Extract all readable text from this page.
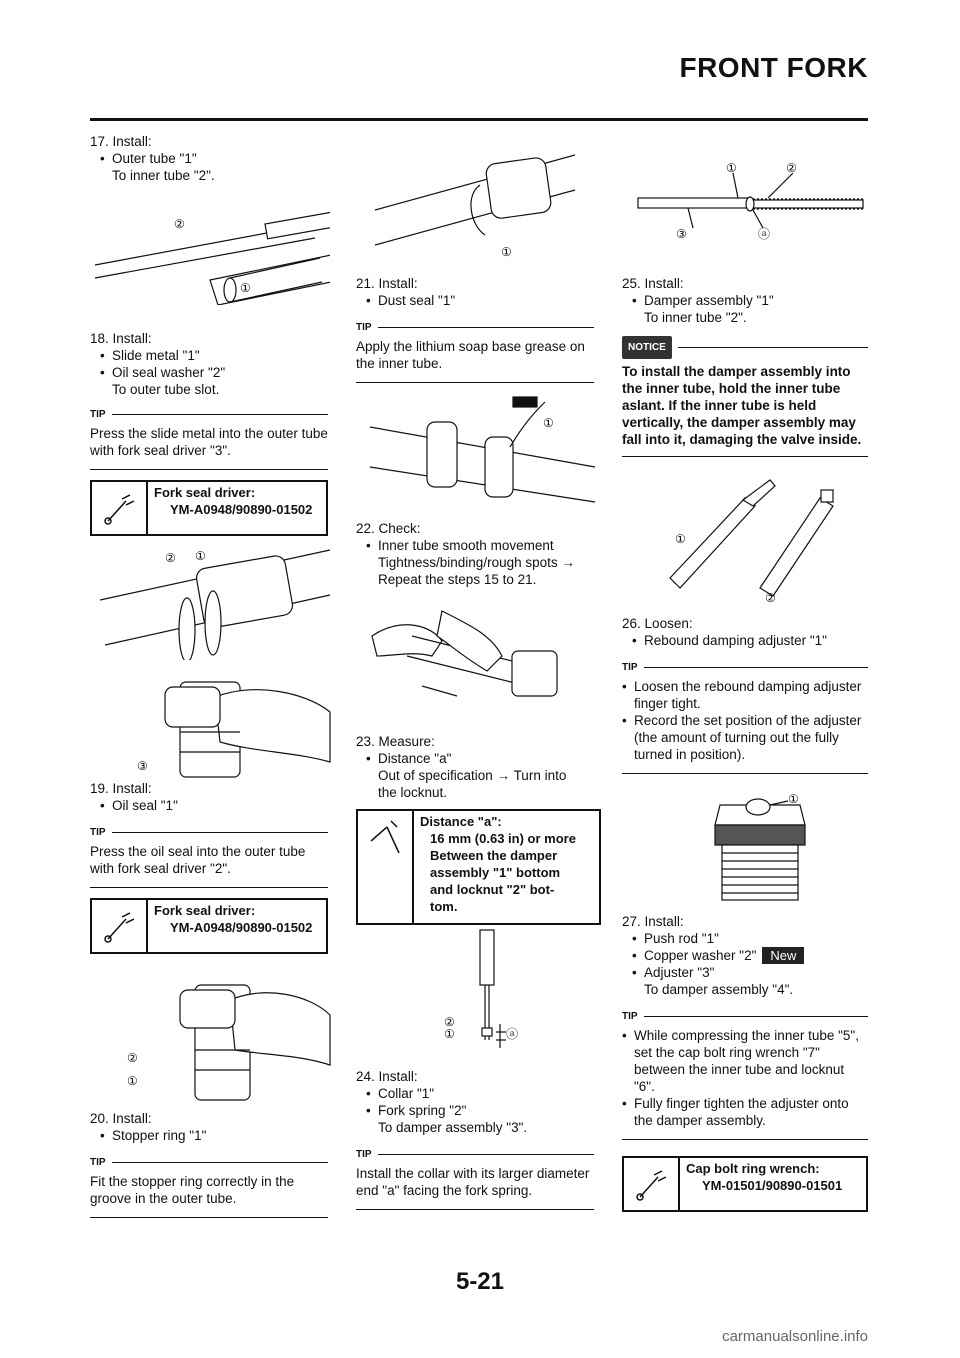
FRONT FORK
17. Install:
• Outer tube "1"
To inner tube "2".
②
①
18. Install:
• Slide metal "1"
• Oil seal washer "2"
To outer tube slot.
TIP

Press the slide metal into the outer tube with fork seal driver "3".

Fork seal driver:
YM-A0948/90890-01502
② ①
③
19. Install:
• Oil seal "1"
TIP

Press the oil seal into the outer tube with fork seal driver "2".

Fork seal driver:
YM-A0948/90890-01502
②
①
20. Install:
• Stopper ring "1"
TIP

Fit the stopper ring correctly in the groove in the outer tube.

①
21. Install:
• Dust seal "1"
TIP

Apply the lithium soap base grease on the inner tube.

①
22. Check:
• Inner tube smooth movement
Tightness/binding/rough spots →
Repeat the steps 15 to 21.
23. Measure:
• Distance "a"
Out of specification → Turn into
the locknut.
Distance "a":
16 mm (0.63 in) or more
Between the damper
assembly "1" bottom
and locknut "2" bot-
tom.
②
①	ⓐ
24. Install:
• Collar "1"
• Fork spring "2"
To damper assembly "3".
TIP

Install the collar with its larger diameter end "a" facing the fork spring.

①	②
③	ⓐ
25. Install:
• Damper assembly "1"
To inner tube "2".
NOTICE
To install the damper assembly into the inner tube, hold the inner tube aslant. If the inner tube is held vertically, the damper assembly may fall into it, damaging the valve inside.
①
②
26. Loosen:
• Rebound damping adjuster "1"
TIP
• Loosen the rebound damping adjuster finger tight.
• Record the set position of the adjuster (the amount of turning out the fully turned in position).
①
27. Install:
• Push rod "1"
• Copper washer "2"	New
• Adjuster "3"
To damper assembly "4".
TIP
• While compressing the inner tube "5", set the cap bolt ring wrench "7" between the inner tube and locknut "6".
• Fully finger tighten the adjuster onto the damper assembly.
Cap bolt ring wrench:
YM-01501/90890-01501
5-21
carmanualsonline.info
